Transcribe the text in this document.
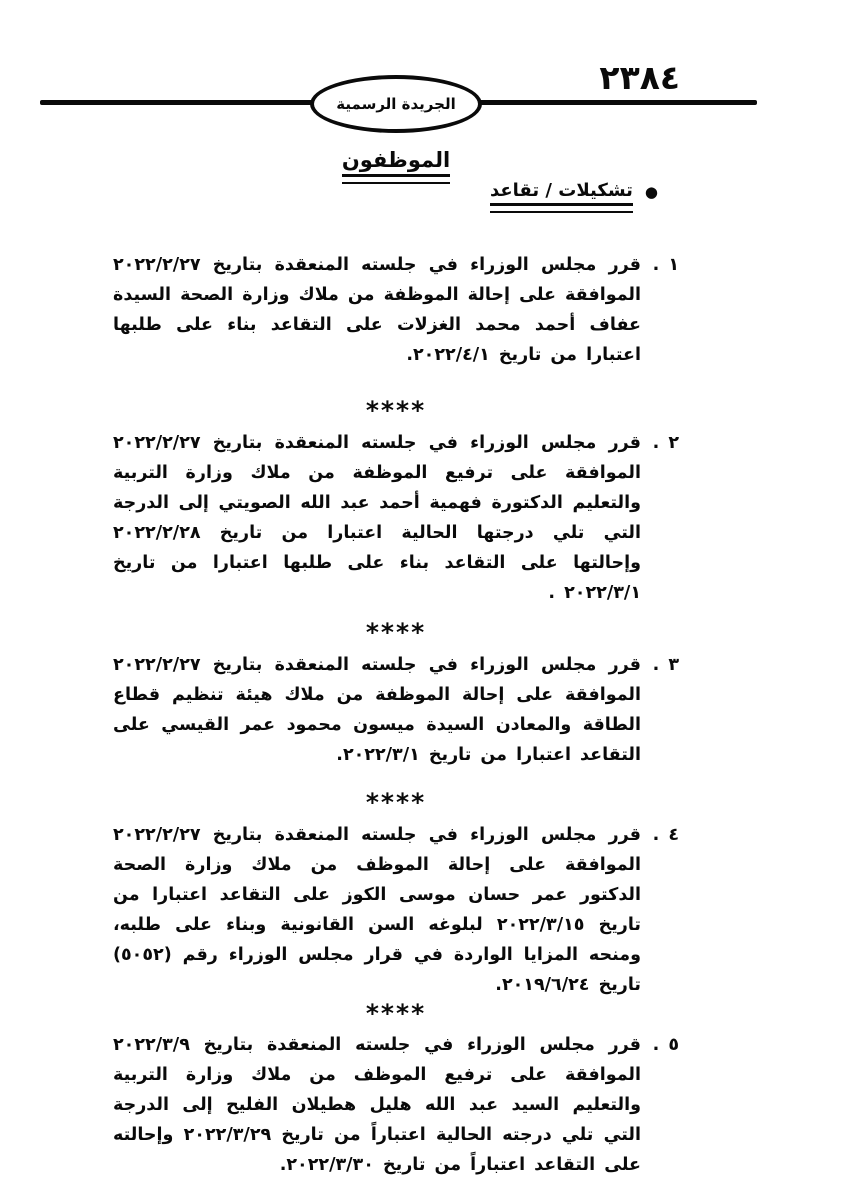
٢٣٨٤
الجريدة الرسمية
الموظفون
●
تشكيلات / تقاعد
١ .
قرر مجلس الوزراء في جلسته المنعقدة بتاريخ ٢٠٢٢/٢/٢٧ الموافقة على إحالة الموظفة من ملاك وزارة الصحة السيدة عفاف أحمد محمد الغزلات على التقاعد بناء على طلبها اعتبارا من تاريخ ٢٠٢٢/٤/١.
****
٢ .
قرر مجلس الوزراء في جلسته المنعقدة بتاريخ ٢٠٢٢/٢/٢٧ الموافقة على ترفيع الموظفة من ملاك وزارة التربية والتعليم الدكتورة فهمية أحمد عبد الله الصويتي إلى الدرجة التي تلي درجتها الحالية اعتبارا من تاريخ ٢٠٢٢/٢/٢٨ وإحالتها على التقاعد بناء على طلبها اعتبارا من تاريخ ٢٠٢٢/٣/١ .
****
٣ .
قرر مجلس الوزراء في جلسته المنعقدة بتاريخ ٢٠٢٢/٢/٢٧ الموافقة على إحالة الموظفة من ملاك هيئة تنظيم قطاع الطاقة والمعادن السيدة ميسون محمود عمر القيسي على التقاعد اعتبارا من تاريخ ٢٠٢٢/٣/١.
****
٤ .
قرر مجلس الوزراء في جلسته المنعقدة بتاريخ ٢٠٢٢/٢/٢٧ الموافقة على إحالة الموظف من ملاك وزارة الصحة الدكتور عمر حسان موسى الكوز على التقاعد اعتبارا من تاريخ ٢٠٢٢/٣/١٥ لبلوغه السن القانونية وبناء على طلبه، ومنحه المزايا الواردة في قرار مجلس الوزراء رقم (٥٠٥٢) تاريخ ٢٠١٩/٦/٢٤.
****
٥ .
قرر مجلس الوزراء في جلسته المنعقدة بتاريخ ٢٠٢٢/٣/٩ الموافقة على ترفيع الموظف من ملاك وزارة التربية والتعليم السيد عبد الله هليل هطيلان الفليح إلى الدرجة التي تلي درجته الحالية اعتباراً من تاريخ ٢٠٢٢/٣/٢٩ وإحالته على التقاعد اعتباراً من تاريخ ٢٠٢٢/٣/٣٠.
